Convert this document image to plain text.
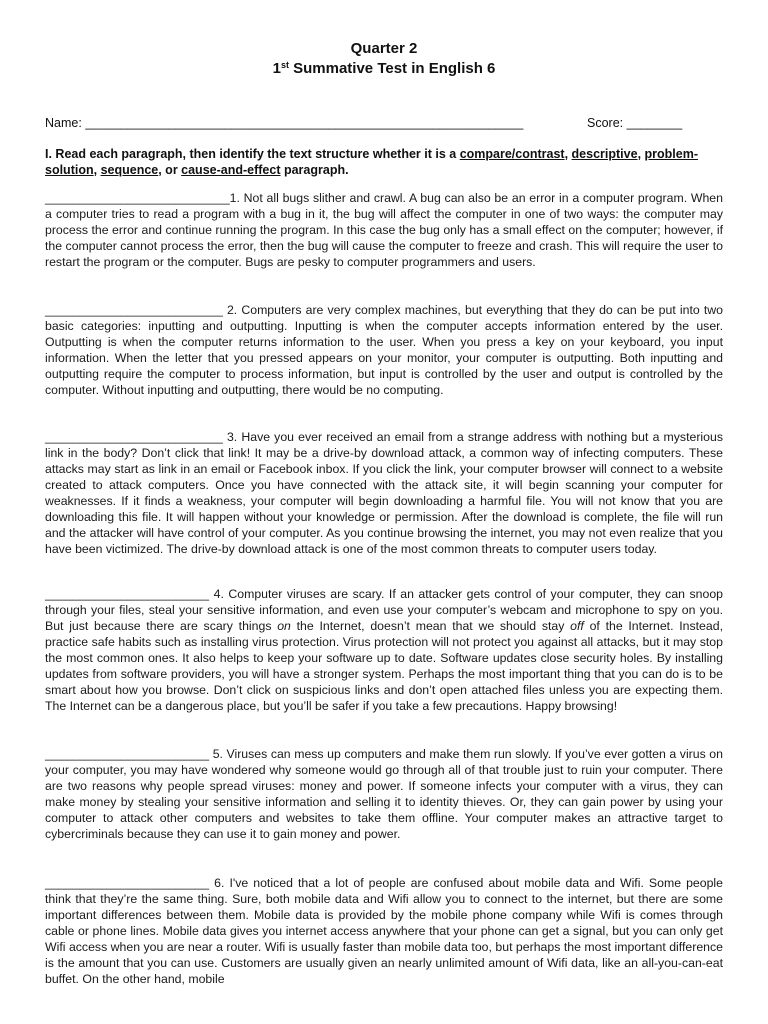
Quarter 2
1st Summative Test in English 6
Name: _______________________________________________________________	Score: ________
I. Read each paragraph, then identify the text structure whether it is a compare/contrast, descriptive, problem-solution, sequence, or cause-and-effect paragraph.
___________________________1. Not all bugs slither and crawl. A bug can also be an error in a computer program. When a computer tries to read a program with a bug in it, the bug will affect the computer in one of two ways: the computer may process the error and continue running the program. In this case the bug only has a small effect on the computer; however, if the computer cannot process the error, then the bug will cause the computer to freeze and crash. This will require the user to restart the program or the computer. Bugs are pesky to computer programmers and users.
__________________________ 2. Computers are very complex machines, but everything that they do can be put into two basic categories: inputting and outputting. Inputting is when the computer accepts information entered by the user. Outputting is when the computer returns information to the user. When you press a key on your keyboard, you input information. When the letter that you pressed appears on your monitor, your computer is outputting. Both inputting and outputting require the computer to process information, but input is controlled by the user and output is controlled by the computer. Without inputting and outputting, there would be no computing.
__________________________ 3. Have you ever received an email from a strange address with nothing but a mysterious link in the body? Don’t click that link! It may be a drive-by download attack, a common way of infecting computers. These attacks may start as link in an email or Facebook inbox. If you click the link, your computer browser will connect to a website created to attack computers. Once you have connected with the attack site, it will begin scanning your computer for weaknesses. If it finds a weakness, your computer will begin downloading a harmful file. You will not know that you are downloading this file. It will happen without your knowledge or permission. After the download is complete, the file will run and the attacker will have control of your computer. As you continue browsing the internet, you may not even realize that you have been victimized. The drive-by download attack is one of the most common threats to computer users today.
________________________ 4. Computer viruses are scary. If an attacker gets control of your computer, they can snoop through your files, steal your sensitive information, and even use your computer’s webcam and microphone to spy on you. But just because there are scary things on the Internet, doesn’t mean that we should stay off of the Internet. Instead, practice safe habits such as installing virus protection. Virus protection will not protect you against all attacks, but it may stop the most common ones. It also helps to keep your software up to date. Software updates close security holes. By installing updates from software providers, you will have a stronger system. Perhaps the most important thing that you can do is to be smart about how you browse. Don’t click on suspicious links and don’t open attached files unless you are expecting them. The Internet can be a dangerous place, but you’ll be safer if you take a few precautions. Happy browsing!
________________________ 5. Viruses can mess up computers and make them run slowly. If you’ve ever gotten a virus on your computer, you may have wondered why someone would go through all of that trouble just to ruin your computer. There are two reasons why people spread viruses: money and power. If someone infects your computer with a virus, they can make money by stealing your sensitive information and selling it to identity thieves. Or, they can gain power by using your computer to attack other computers and websites to take them offline. Your computer makes an attractive target to cybercriminals because they can use it to gain money and power.
________________________ 6. I've noticed that a lot of people are confused about mobile data and Wifi. Some people think that they’re the same thing. Sure, both mobile data and Wifi allow you to connect to the internet, but there are some important differences between them. Mobile data is provided by the mobile phone company while Wifi is comes through cable or phone lines. Mobile data gives you internet access anywhere that your phone can get a signal, but you can only get Wifi access when you are near a router. Wifi is usually faster than mobile data too, but perhaps the most important difference is the amount that you can use. Customers are usually given an nearly unlimited amount of Wifi data, like an all-you-can-eat buffet. On the other hand, mobile
